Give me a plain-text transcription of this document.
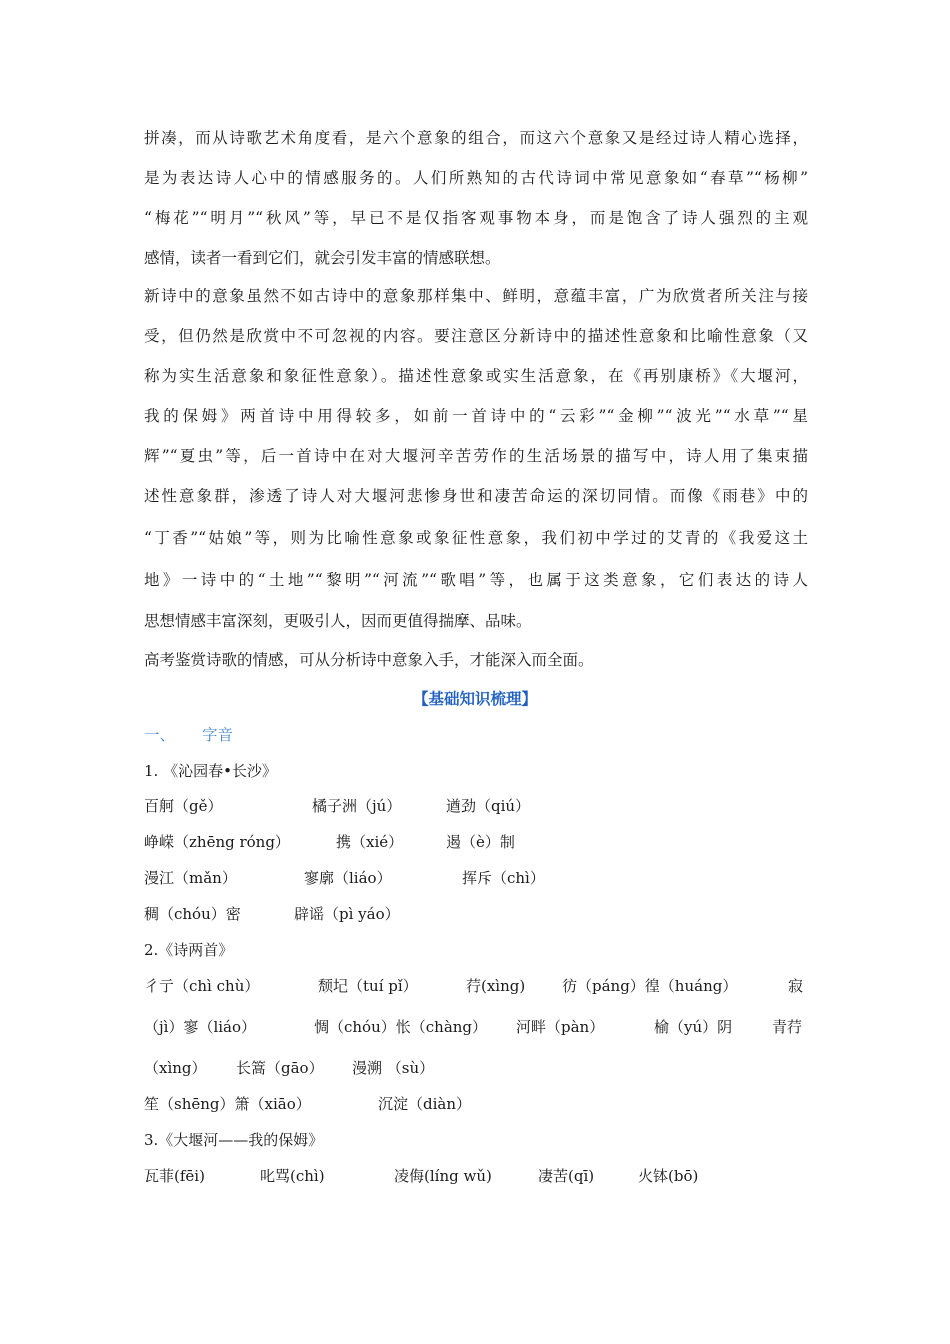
拼凑，而从诗歌艺术角度看，是六个意象的组合，而这六个意象又是经过诗人精心选择，
是为表达诗人心中的情感服务的。人们所熟知的古代诗词中常见意象如“春草”“杨柳”
“梅花”“明月”“秋风”等，早已不是仅指客观事物本身，而是饱含了诗人强烈的主观
感情，读者一看到它们，就会引发丰富的情感联想。
新诗中的意象虽然不如古诗中的意象那样集中、鲜明，意蕴丰富，广为欣赏者所关注与接
受，但仍然是欣赏中不可忽视的内容。要注意区分新诗中的描述性意象和比喻性意象（又
称为实生活意象和象征性意象）。描述性意象或实生活意象，在《再别康桥》《大堰河，
我的保姆》两首诗中用得较多，如前一首诗中的“云彩”“金柳”“波光”“水草”“星
辉”“夏虫”等，后一首诗中在对大堰河辛苦劳作的生活场景的描写中，诗人用了集束描
述性意象群，渗透了诗人对大堰河悲惨身世和凄苦命运的深切同情。而像《雨巷》中的
“丁香”“姑娘”等，则为比喻性意象或象征性意象，我们初中学过的艾青的《我爱这土
地》一诗中的“土地”“黎明”“河流”“歌唱”等，也属于这类意象，它们表达的诗人
思想情感丰富深刻，更吸引人，因而更值得揣摩、品味。
高考鉴赏诗歌的情感，可从分析诗中意象入手，才能深入而全面。
【基础知识梳理】
一、 字音
1. 《沁园春•长沙》
百舸（gě）	橘子洲（jú）	遒劲（qiú）
峥嵘（zhēng róng）	携（xié）	遏（è）制
漫江（mǎn）	寥廓（liáo）	挥斥（chì）
稠（chóu）密	辟谣（pì yáo）
2.《诗两首》
彳亍（chì chù）	颓圮（tuí pǐ）	荇(xìng) 彷（páng）徨（huáng）	寂
（jì）寥（liáo）	惆（chóu）怅（chàng） 河畔（pàn）	榆（yú）阴	青荇
（xìng） 长篙（gāo） 漫溯 （sù）
笙（shēng）箫（xiāo）	沉淀（diàn）
3.《大堰河——我的保姆》
瓦菲(fēi)	叱骂(chì)	凌侮(líng wǔ)	凄苦(qī)	火钵(bō)
